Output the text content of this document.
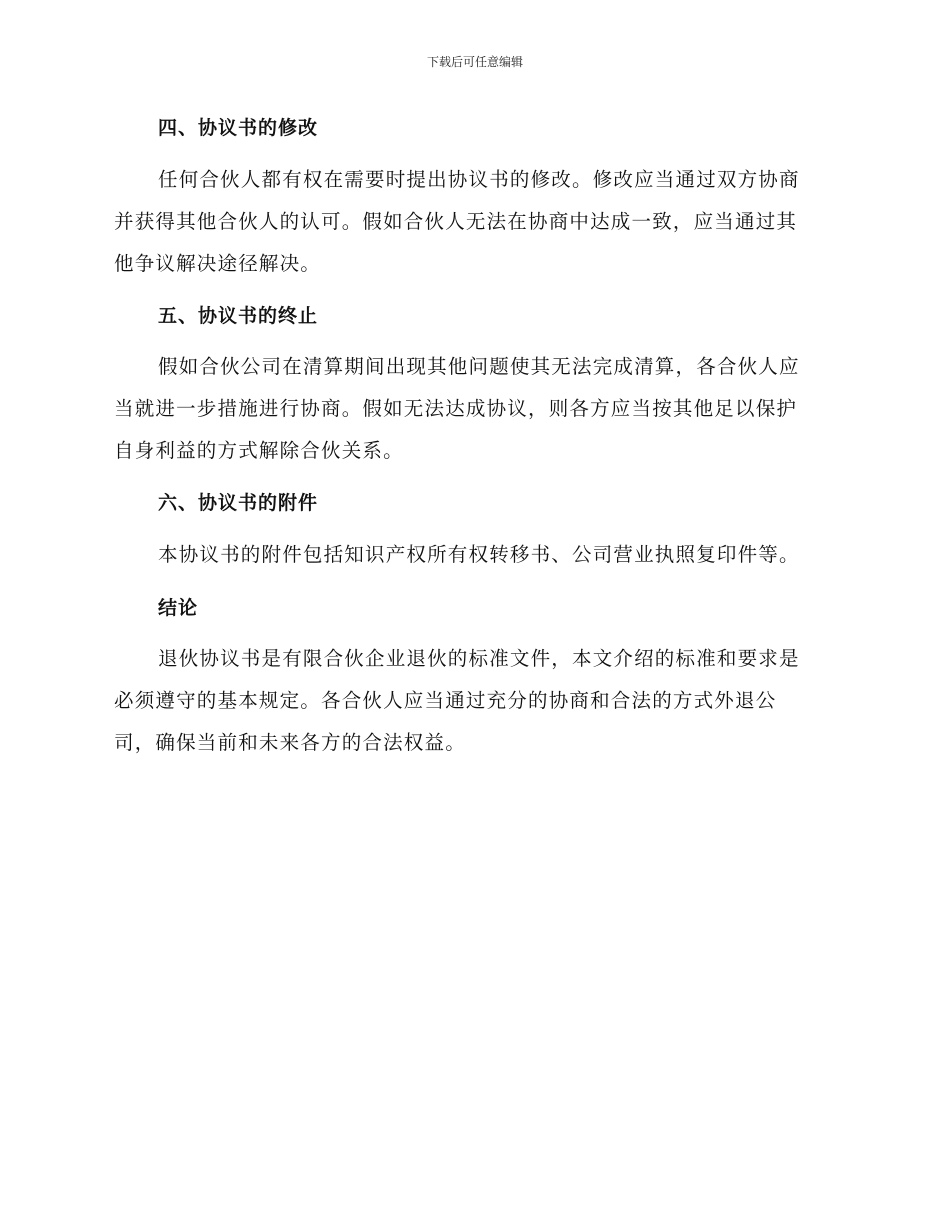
下载后可任意编辑
四、协议书的修改
任何合伙人都有权在需要时提出协议书的修改。修改应当通过双方协商
并获得其他合伙人的认可。假如合伙人无法在协商中达成一致，应当通过其
他争议解决途径解决。
五、协议书的终止
假如合伙公司在清算期间出现其他问题使其无法完成清算，各合伙人应
当就进一步措施进行协商。假如无法达成协议，则各方应当按其他足以保护
自身利益的方式解除合伙关系。
六、协议书的附件
本协议书的附件包括知识产权所有权转移书、公司营业执照复印件等。
结论
退伙协议书是有限合伙企业退伙的标准文件，本文介绍的标准和要求是
必须遵守的基本规定。各合伙人应当通过充分的协商和合法的方式外退公
司，确保当前和未来各方的合法权益。
